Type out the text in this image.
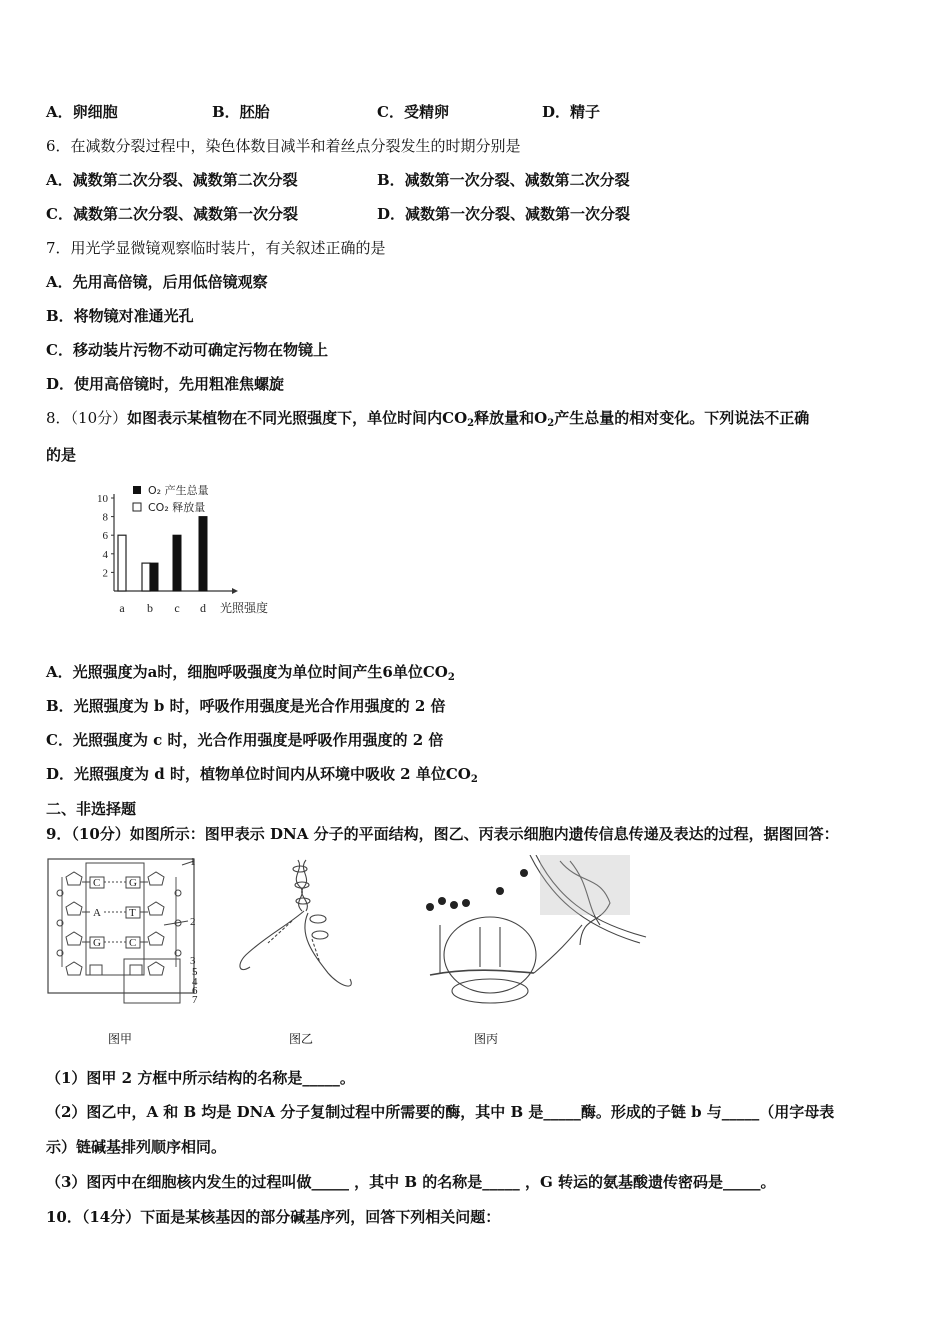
A．卵细胞	B．胚胎	C．受精卵	D．精子
6．在减数分裂过程中，染色体数目减半和着丝点分裂发生的时期分别是
A．减数第二次分裂、减数第二次分裂	B．减数第一次分裂、减数第二次分裂
C．减数第二次分裂、减数第一次分裂	D．减数第一次分裂、减数第一次分裂
7．用光学显微镜观察临时装片，有关叙述正确的是
A．先用高倍镜，后用低倍镜观察
B．将物镜对准通光孔
C．移动装片污物不动可确定污物在物镜上
D．使用高倍镜时，先用粗准焦螺旋
8．（10分）如图表示某植物在不同光照强度下，单位时间内$CO_2$释放量和$O_2$产生总量的相对变化。下列说法不正确
的是
2
4
6
8
10
a b c d 光照强度
O₂ 产生总量
CO₂ 释放量
A．光照强度为a时，细胞呼吸强度为单位时间产生6单位$CO_2$
B．光照强度为 b 时，呼吸作用强度是光合作用强度的 2 倍
C．光照强度为 c 时，光合作用强度是呼吸作用强度的 2 倍
D．光照强度为 d 时，植物单位时间内从环境中吸收 2 单位$CO_2$
二、非选择题
9．（10分）如图所示：图甲表示 DNA 分子的平面结构，图乙、丙表示细胞内遗传信息传递及表达的过程，据图回答：
C	G
A	T
G	C
1
2
3
5
4
6
7
图甲	图乙	图丙
（1）图甲 2 方框中所示结构的名称是_____。
（2）图乙中，A 和 B 均是 DNA 分子复制过程中所需要的酶，其中 B 是_____酶。形成的子链 b 与_____（用字母表
示）链碱基排列顺序相同。
（3）图丙中在细胞核内发生的过程叫做_____ ，其中 B 的名称是_____ ，G 转运的氨基酸遗传密码是_____。
10．（14分）下面是某核基因的部分碱基序列，回答下列相关问题：
